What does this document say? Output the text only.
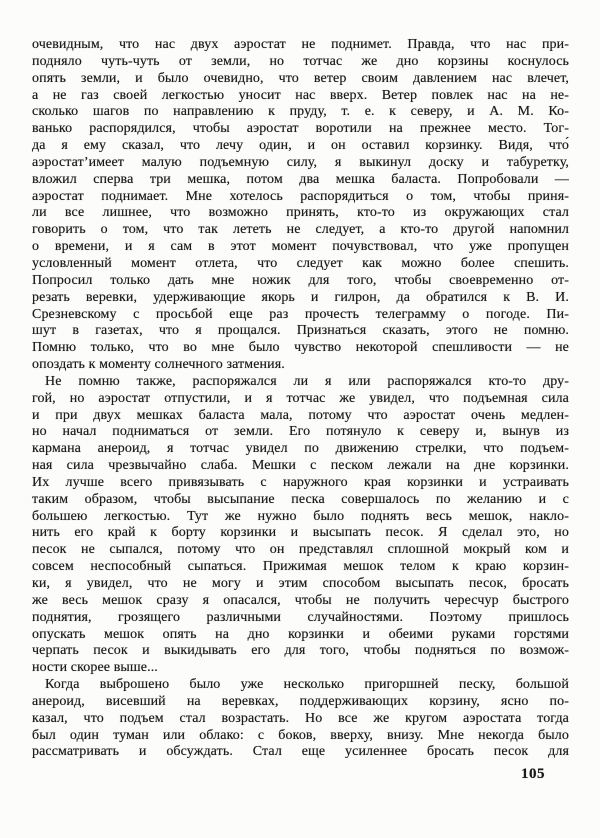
очевидным, что нас двух аэростат не поднимет. Правда, что нас при-
подняло чуть-чуть от земли, но тотчас же дно корзины коснулось
опять земли, и было очевидно, что ветер своим давлением нас влечет,
а не газ своей легкостью уносит нас вверх. Ветер повлек нас на не-
сколько шагов по направлению к пруду, т. е. к северу, и А. М. Ко-
ванько распорядился, чтобы аэростат воротили на прежнее место. Тог-
да я ему сказал, что лечу один, и он оставил корзинку. Видя, что́
аэростат’имеет малую подъемную силу, я выкинул доску и табуретку,
вложил сперва три мешка, потом два мешка баласта. Попробовали —
аэростат поднимает. Мне хотелось распорядиться о том, чтобы приня-
ли все лишнее, что возможно принять, кто-то из окружающих стал
говорить о том, что так лететь не следует, а кто-то другой напомнил
о времени, и я сам в этот момент почувствовал, что уже пропущен
условленный момент отлета, что следует как можно более спешить.
Попросил только дать мне ножик для того, чтобы своевременно от-
резать веревки, удерживающие якорь и гилрон, да обратился к В. И.
Срезневскому с просьбой еще раз прочесть телеграмму о погоде. Пи-
шут в газетах, что я прощался. Признаться сказать, этого не помню.
Помню только, что во мне было чувство некоторой спешливости — не
опоздать к моменту солнечного затмения.
Не помню также, распоряжался ли я или распоряжался кто-то дру-
гой, но аэростат отпустили, и я тотчас же увидел, что подъемная сила
и при двух мешках баласта мала, потому что аэростат очень медлен-
но начал подниматься от земли. Его потянуло к северу и, вынув из
кармана анероид, я тотчас увидел по движению стрелки, что подъем-
ная сила чрезвычайно слаба. Мешки с песком лежали на дне корзинки.
Их лучше всего привязывать с наружного края корзинки и устраивать
таким образом, чтобы высыпание песка совершалось по желанию и с
большею легкостью. Тут же нужно было поднять весь мешок, накло-
нить его край к борту корзинки и высыпать песок. Я сделал это, но
песок не сыпался, потому что он представлял сплошной мокрый ком и
совсем неспособный сыпаться. Прижимая мешок телом к краю корзин-
ки, я увидел, что не могу и этим способом высыпать песок, бросать
же весь мешок сразу я опасался, чтобы не получить чересчур быстрого
поднятия, грозящего различными случайностями. Поэтому пришлось
опускать мешок опять на дно корзинки и обеими руками горстями
черпать песок и выкидывать его для того, чтобы подняться по возмож-
ности скорее выше...
Когда выброшено было уже несколько пригоршней песку, большой
анероид, висевший на веревках, поддерживающих корзину, ясно по-
казал, что подъем стал возрастать. Но все же кругом аэростата тогда
был один туман или облако: с боков, вверху, внизу. Мне некогда было
рассматривать и обсуждать. Стал еще усиленнее бросать песок для
105
